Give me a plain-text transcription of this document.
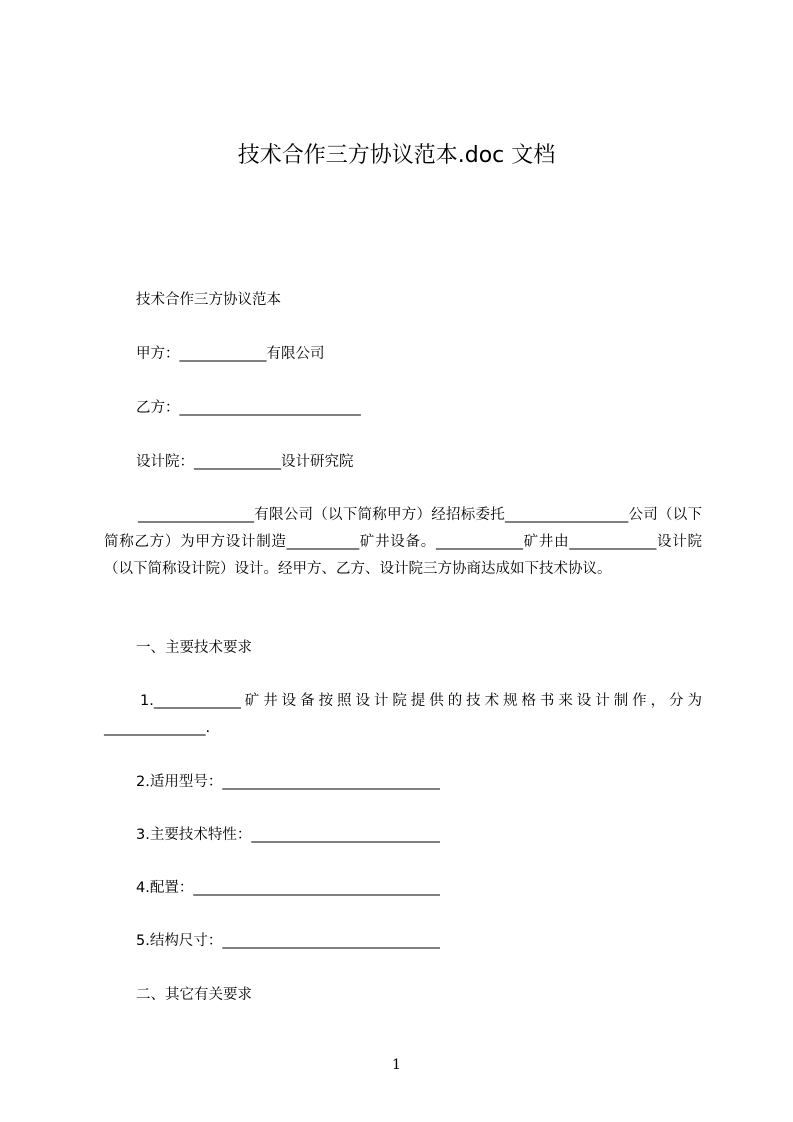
技术合作三方协议范本.doc 文档
技术合作三方协议范本
甲方：____________有限公司
乙方：_________________________
设计院：____________设计研究院
________________有限公司（以下简称甲方）经招标委托_________________公司（以下简称乙方）为甲方设计制造__________矿井设备。____________矿井由____________设计院（以下简称设计院）设计。经甲方、乙方、设计院三方协商达成如下技术协议。
一、主要技术要求
1.____________矿井设备按照设计院提供的技术规格书来设计制作，分为______________.
2.适用型号：______________________________
3.主要技术特性：__________________________
4.配置：__________________________________
5.结构尺寸：______________________________
二、其它有关要求
1
